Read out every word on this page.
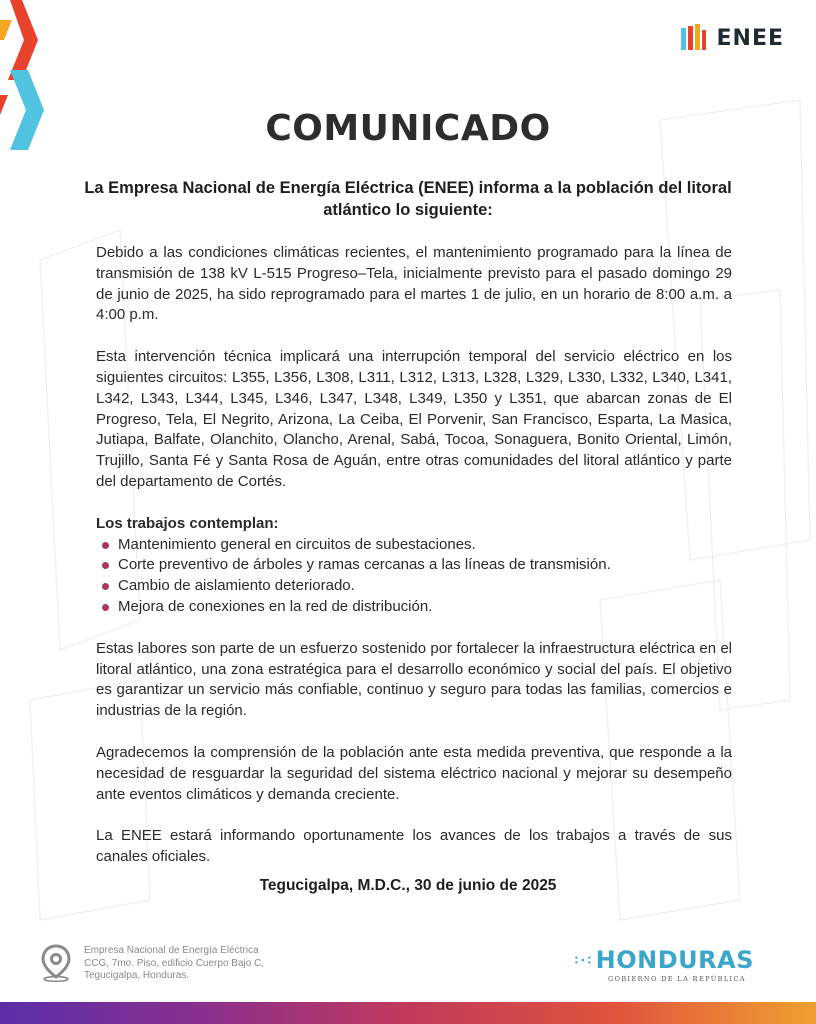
ENEE
COMUNICADO
La Empresa Nacional de Energía Eléctrica (ENEE) informa a la población del litoral atlántico lo siguiente:

Debido a las condiciones climáticas recientes, el mantenimiento programado para la línea de transmisión de 138 kV L-515 Progreso–Tela, inicialmente previsto para el pasado domingo 29 de junio de 2025, ha sido reprogramado para el martes 1 de julio, en un horario de 8:00 a.m. a 4:00 p.m.

Esta intervención técnica implicará una interrupción temporal del servicio eléctrico en los siguientes circuitos: L355, L356, L308, L311, L312, L313, L328, L329, L330, L332, L340, L341, L342, L343, L344, L345, L346, L347, L348, L349, L350 y L351, que abarcan zonas de El Progreso, Tela, El Negrito, Arizona, La Ceiba, El Porvenir, San Francisco, Esparta, La Masica, Jutiapa, Balfate, Olanchito, Olancho, Arenal, Sabá, Tocoa, Sonaguera, Bonito Oriental, Limón, Trujillo, Santa Fé y Santa Rosa de Aguán, entre otras comunidades del litoral atlántico y parte del departamento de Cortés.

Los trabajos contemplan:
Mantenimiento general en circuitos de subestaciones.
Corte preventivo de árboles y ramas cercanas a las líneas de transmisión.
Cambio de aislamiento deteriorado.
Mejora de conexiones en la red de distribución.

Estas labores son parte de un esfuerzo sostenido por fortalecer la infraestructura eléctrica en el litoral atlántico, una zona estratégica para el desarrollo económico y social del país. El objetivo es garantizar un servicio más confiable, continuo y seguro para todas las familias, comercios e industrias de la región.

Agradecemos la comprensión de la población ante esta medida preventiva, que responde a la necesidad de resguardar la seguridad del sistema eléctrico nacional y mejorar su desempeño ante eventos climáticos y demanda creciente.

La ENEE estará informando oportunamente los avances de los trabajos a través de sus canales oficiales.

Tegucigalpa, M.D.C., 30 de junio de 2025
Empresa Nacional de Energía Eléctrica
CCG, 7mo. Piso, edificio Cuerpo Bajo C,
Tegucigalpa, Honduras.
HONDURAS
GOBIERNO DE LA REPÚBLICA
